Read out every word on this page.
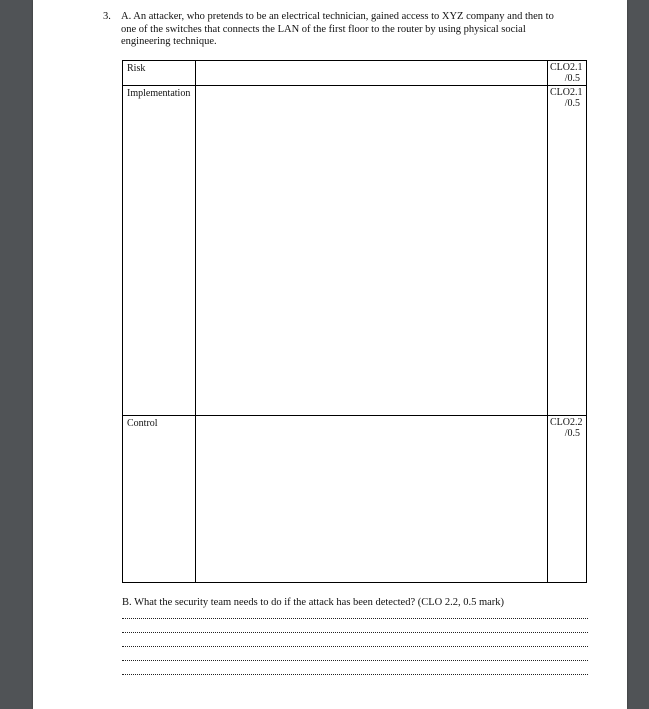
3. A. An attacker, who pretends to be an electrical technician, gained access to XYZ company and then to one of the switches that connects the LAN of the first floor to the router by using physical social engineering technique.
Risk		CLO2.1
/0.5

Implementation		CLO2.1
/0.5

Control		CLO2.2
/0.5
B. What the security team needs to do if the attack has been detected? (CLO 2.2, 0.5 mark)
